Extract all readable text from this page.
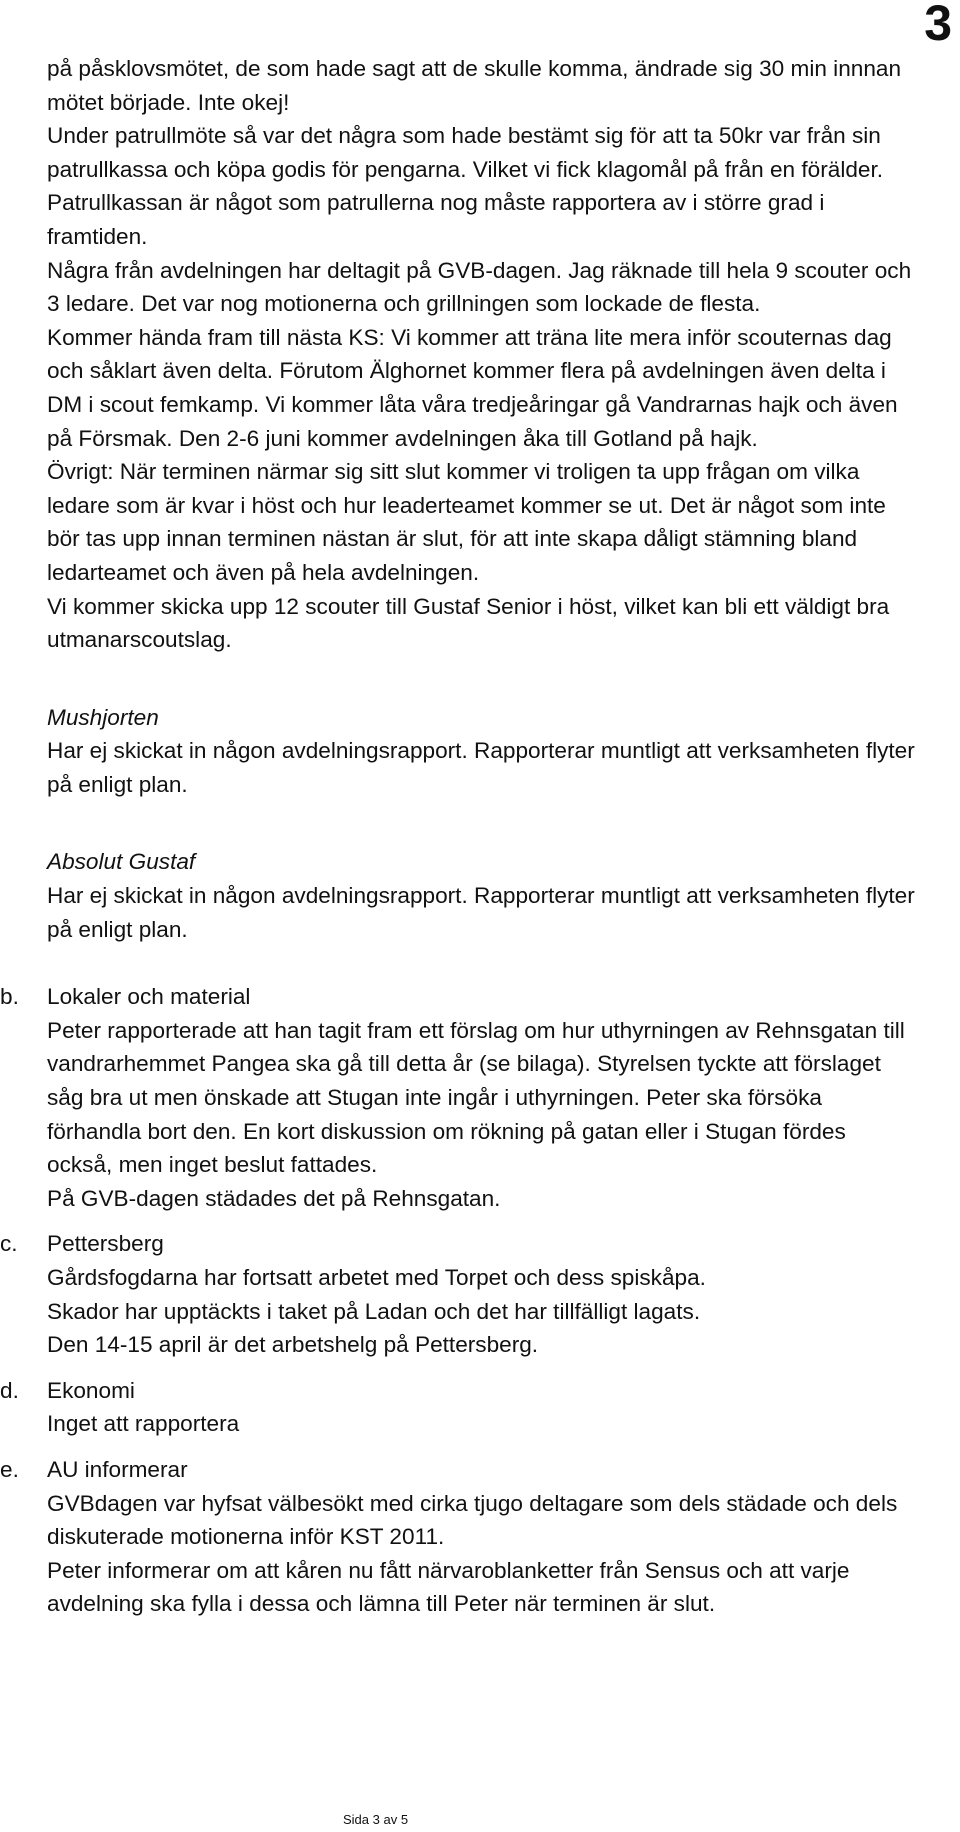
3

på påsklovsmötet, de som hade sagt att de skulle komma, ändrade sig 30 min innnan mötet började. Inte okej!

Under patrullmöte så var det några som hade bestämt sig för att ta 50kr var från sin patrullkassa och köpa godis för pengarna. Vilket vi fick klagomål på från en förälder. Patrullkassan är något som patrullerna nog måste rapportera av i större grad i framtiden.

Några från avdelningen har deltagit på GVB-dagen. Jag räknade till hela 9 scouter och 3 ledare. Det var nog motionerna och grillningen som lockade de flesta.

Kommer hända fram till nästa KS: Vi kommer att träna lite mera inför scouternas dag och såklart även delta. Förutom Älghornet kommer flera på avdelningen även delta i DM i scout femkamp. Vi kommer låta våra tredjeåringar gå Vandrarnas hajk och även på Försmak. Den 2-6 juni kommer avdelningen åka till Gotland på hajk.

Övrigt: När terminen närmar sig sitt slut kommer vi troligen ta upp frågan om vilka ledare som är kvar i höst och hur leaderteamet kommer se ut. Det är något som inte bör tas upp innan terminen nästan är slut, för att inte skapa dåligt stämning bland ledarteamet och även på hela avdelningen.

Vi kommer skicka upp 12 scouter till Gustaf Senior i höst, vilket kan bli ett väldigt bra utmanarscoutslag.

Mushjorten

Har ej skickat in någon avdelningsrapport. Rapporterar muntligt att verksamheten flyter på enligt plan.

Absolut Gustaf

Har ej skickat in någon avdelningsrapport. Rapporterar muntligt att verksamheten flyter på enligt plan.

b.	Lokaler och material

Peter rapporterade att han tagit fram ett förslag om hur uthyrningen av Rehnsgatan till vandrarhemmet Pangea ska gå till detta år (se bilaga). Styrelsen tyckte att förslaget såg bra ut men önskade att Stugan inte ingår i uthyrningen. Peter ska försöka förhandla bort den. En kort diskussion om rökning på gatan eller i Stugan fördes också, men inget beslut fattades.

På GVB-dagen städades det på Rehnsgatan.

c.	Pettersberg

Gårdsfogdarna har fortsatt arbetet med Torpet och dess spiskåpa.

Skador har upptäckts i taket på Ladan och det har tillfälligt lagats.

Den 14-15 april är det arbetshelg på Pettersberg.

d.	Ekonomi

Inget att rapportera

e.	AU informerar

GVBdagen var hyfsat välbesökt med cirka tjugo deltagare som dels städade och dels diskuterade motionerna inför KST 2011.

Peter informerar om att kåren nu fått närvaroblanketter från Sensus och att varje avdelning ska fylla i dessa och lämna till Peter när terminen är slut.

Sida 3 av 5
